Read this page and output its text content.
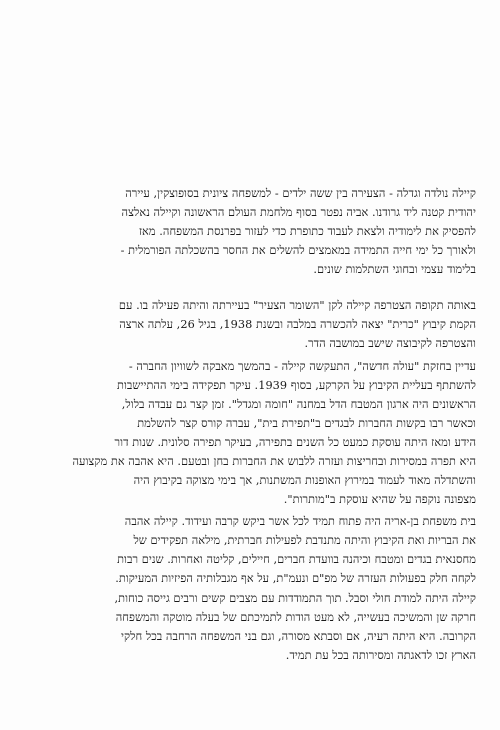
קיילה נולדה וגדלה - הצעירה בין ששה ילדים - למשפחה ציונית בסופוצקין, עיירה
יהודית קטנה ליד גרודנו. אביה נפטר בסוף מלחמת העולם הראשונה וקיילה נאלצה
להפסיק את לימודיה ולצאת לעבוד כתופרת כדי לעזור בפרנסת המשפחה. מאז
ולאורך כל ימי חייה התמידה במאמצים להשלים את החסר בהשכלתה הפורמלית -
בלימוד עצמי ובחוגי השתלמות שונים.
באותה תקופה הצטרפה קיילה לקן "השומר הצעיר" בעיירתה והיתה פעילה בו. עם
הקמת קיבוץ "כרית" יצאה להכשרה במלבה ובשנת 1938, בגיל 26, עלתה ארצה
והצטרפה לקיבוצה שישב במושבה הדר.
עדיין בחזקת "עולה חדשה", התעקשה קיילה - בהמשך מאבקה לשוויון החברה -
להשתתף בעליית הקיבוץ על הקרקע, בסוף 1939. עיקר תפקידה בימי ההתיישבות
הראשונים היה ארגון המטבח הדל במחנה "חומה ומגדל". זמן קצר גם עבדה בלול,
וכאשר רבו בקשות החברות לבגדים ב"תפירת בית", עברה קורס קצר להשלמת
הידע ומאז היתה עוסקת כמעט כל השנים בתפירה, בעיקר תפירה סלונית. שנות דור
היא תפרה במסירות ובחריצות ועזרה ללבוש את החברות בחן ובטעם. היא אהבה את מקצועה
והשתדלה מאוד לעמוד במירוץ האופנות המשתנות, אך בימי מצוקה בקיבוץ היה
מצפונה נוקפה על שהיא עוסקת ב"מותרות".
בית משפחת בן-אריה היה פתוח תמיד לכל אשר ביקש קרבה ועידוד. קיילה אהבה
את הבריות ואת הקיבוץ והיתה מתנדבת לפעילות חברתית, מילאה תפקידים של
מחסנאית בגדים ומטבח וכיהנה בוועדת חברים, חיילים, קליטה ואחרות. שנים רבות
לקחה חלק בפעולות העזרה של מפ"ם ונעמ"ת, על אף מגבלותיה הפיזיות המעיקות.
קיילה היתה למודת חולי וסבל. תוך התמודדות עם מצבים קשים ורבים גייסה כוחות,
חרקה שן והמשיכה בעשייה, לא מעט הודות לתמיכתם של בעלה מוטקה והמשפחה
הקרובה. היא היתה רעיה, אם וסבתא מסורה, וגם בני המשפחה הרחבה בכל חלקי
הארץ זכו לדאגתה ומסירותה בכל עת תמיד.
